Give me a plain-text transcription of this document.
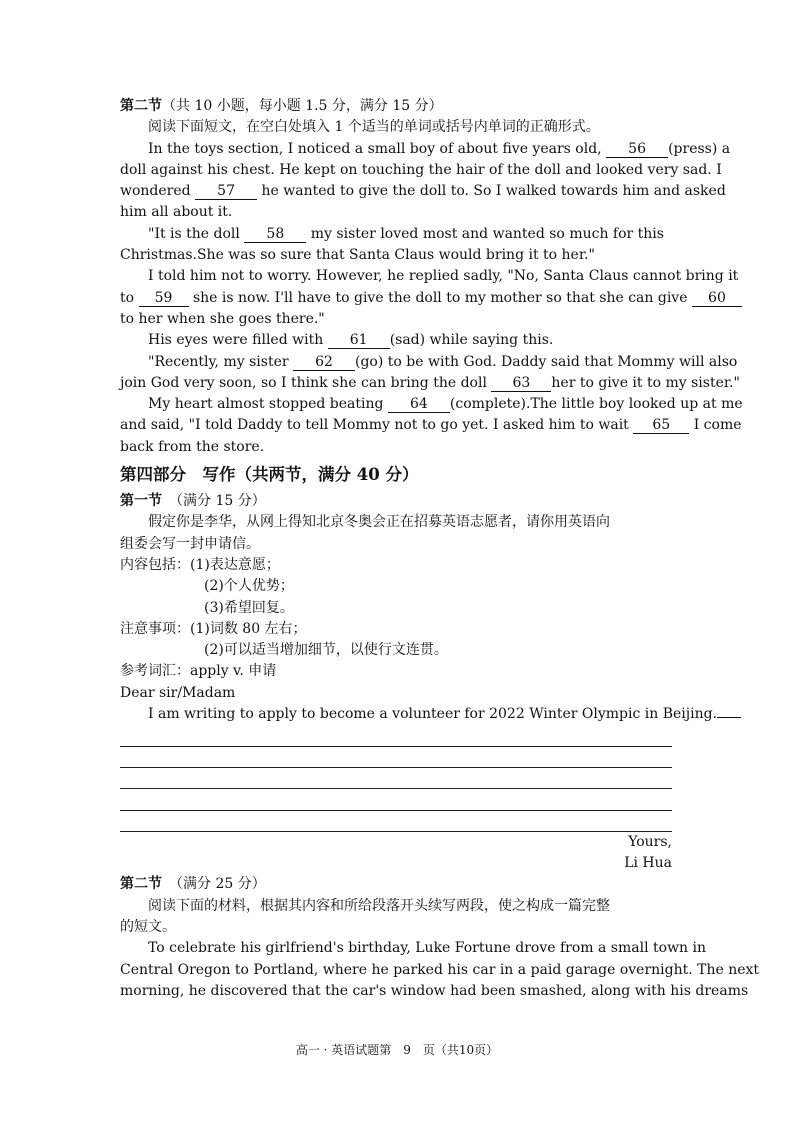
第二节（共 10 小题，每小题 1.5 分，满分 15 分）
阅读下面短文，在空白处填入 1 个适当的单词或括号内单词的正确形式。
In the toys section, I noticed a small boy of about five years old, 56 (press) a
doll against his chest. He kept on touching the hair of the doll and looked very sad. I
wondered 57 he wanted to give the doll to. So I walked towards him and asked
him all about it.
"It is the doll 58 my sister loved most and wanted so much for this
Christmas.She was so sure that Santa Claus would bring it to her."
I told him not to worry. However, he replied sadly, "No, Santa Claus cannot bring it
to 59 she is now. I'll have to give the doll to my mother so that she can give 60
to her when she goes there."
His eyes were filled with 61 (sad) while saying this.
"Recently, my sister 62 (go) to be with God. Daddy said that Mommy will also
join God very soon, so I think she can bring the doll 63 her to give it to my sister."
My heart almost stopped beating 64 (complete).The little boy looked up at me
and said, "I told Daddy to tell Mommy not to go yet. I asked him to wait 65 I come
back from the store.
第四部分　写作（共两节，满分 40 分）
第一节　（满分 15 分）
假定你是李华，从网上得知北京冬奥会正在招募英语志愿者，请你用英语向
组委会写一封申请信。
内容包括：(1)表达意愿；
(2)个人优势；
(3)希望回复。
注意事项：(1)词数 80 左右；
(2)可以适当增加细节，以使行文连贯。
参考词汇：apply v. 申请
Dear sir/Madam
I am writing to apply to become a volunteer for 2022 Winter Olympic in Beijing.
Yours,
Li Hua
第二节　（满分 25 分）
阅读下面的材料，根据其内容和所给段落开头续写两段，使之构成一篇完整
的短文。
To celebrate his girlfriend's birthday, Luke Fortune drove from a small town in
Central Oregon to Portland, where he parked his car in a paid garage overnight. The next
morning, he discovered that the car's window had been smashed, along with his dreams
高一 · 英语试题第　9　页（共10页）
